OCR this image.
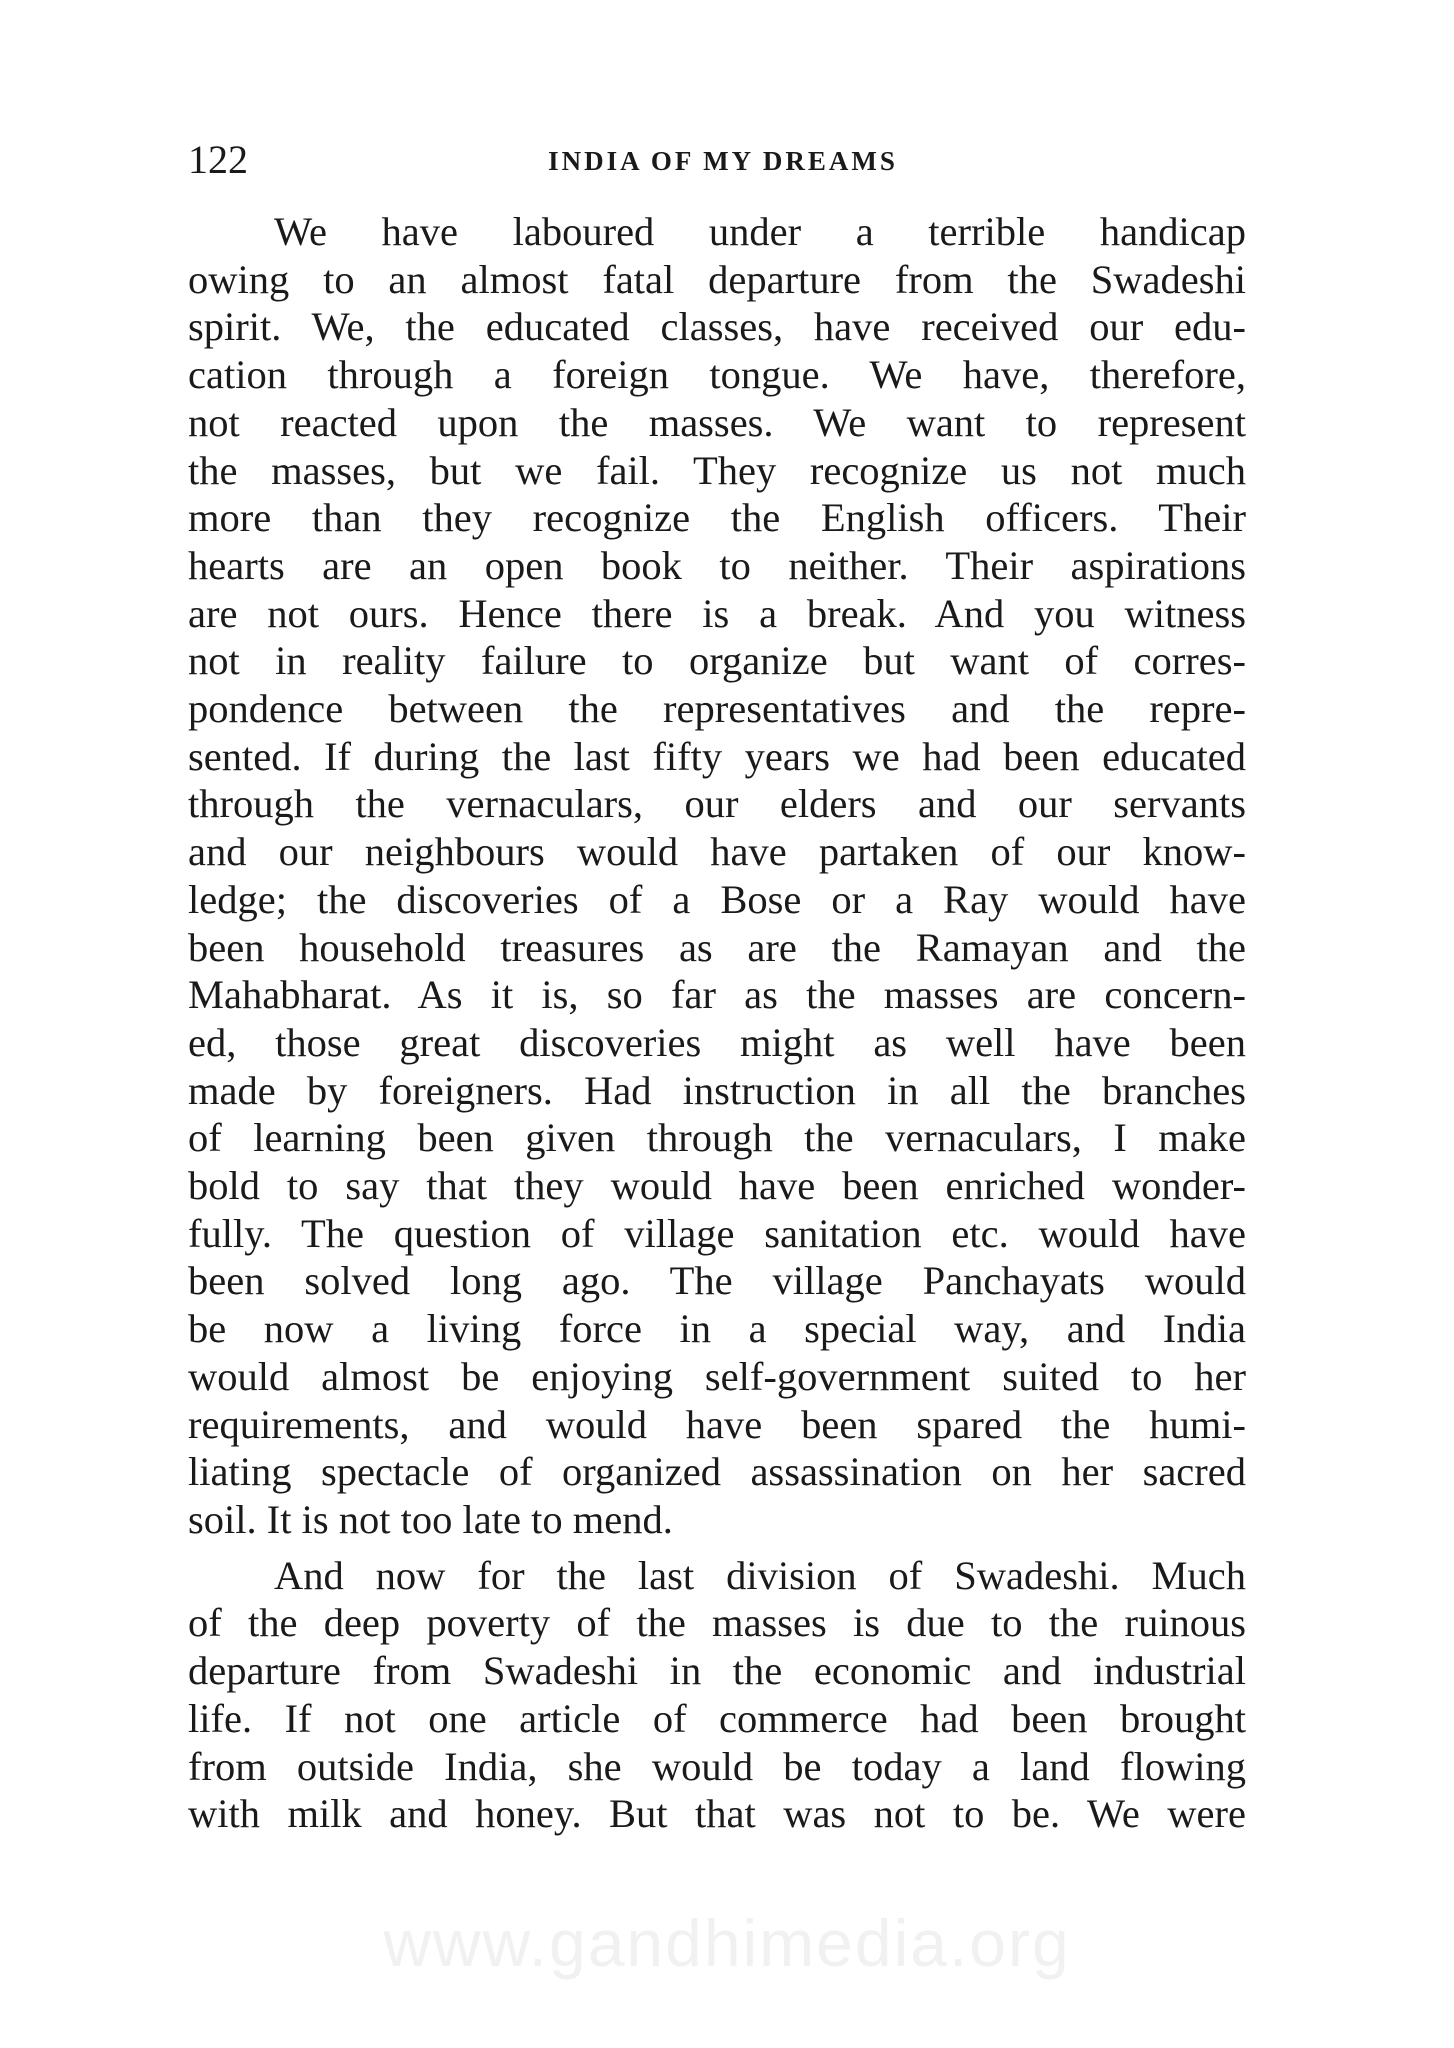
122	INDIA OF MY DREAMS

We have laboured under a terrible handicap
owing to an almost fatal departure from the Swadeshi
spirit. We, the educated classes, have received our edu-
cation through a foreign tongue. We have, therefore,
not reacted upon the masses. We want to represent
the masses, but we fail. They recognize us not much
more than they recognize the English officers. Their
hearts are an open book to neither. Their aspirations
are not ours. Hence there is a break. And you witness
not in reality failure to organize but want of corres-
pondence between the representatives and the repre-
sented. If during the last fifty years we had been educated
through the vernaculars, our elders and our servants
and our neighbours would have partaken of our know-
ledge; the discoveries of a Bose or a Ray would have
been household treasures as are the Ramayan and the
Mahabharat. As it is, so far as the masses are concern-
ed, those great discoveries might as well have been
made by foreigners. Had instruction in all the branches
of learning been given through the vernaculars, I make
bold to say that they would have been enriched wonder-
fully. The question of village sanitation etc. would have
been solved long ago. The village Panchayats would
be now a living force in a special way, and India
would almost be enjoying self-government suited to her
requirements, and would have been spared the humi-
liating spectacle of organized assassination on her sacred
soil. It is not too late to mend.

And now for the last division of Swadeshi. Much
of the deep poverty of the masses is due to the ruinous
departure from Swadeshi in the economic and industrial
life. If not one article of commerce had been brought
from outside India, she would be today a land flowing
with milk and honey. But that was not to be. We were

www.gandhimedia.org
